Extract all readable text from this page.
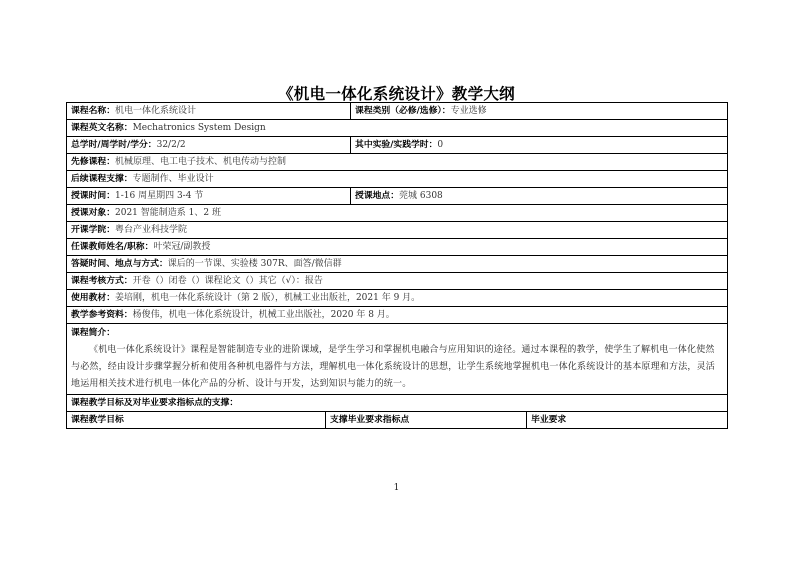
《机电一体化系统设计》教学大纲
课程名称：机电一体化系统设计		课程类别（必修/选修）：专业选修	
课程英文名称：Mechatronics System Design			
总学时/周学时/学分：32/2/2		其中实验/实践学时：0	
先修课程：机械原理、电工电子技术、机电传动与控制			
后续课程支撑：专题制作、毕业设计			
授课时间：1-16 周星期四 3-4 节		授课地点：莞城 6308	
授课对象：2021 智能制造系 1、2 班			
开课学院：粤台产业科技学院			
任课教师姓名/职称：叶荣冠/副教授			
答疑时间、地点与方式：课后的一节课、实验楼 307R、面答/微信群			
课程考核方式：开卷（）闭卷（）课程论文（）其它（√）：报告			
使用教材：姜培刚，机电一体化系统设计（第 2 版），机械工业出版社，2021 年 9 月。			
教学参考资料：杨俊伟，机电一体化系统设计，机械工业出版社，2020 年 8 月。			

课程简介：
《机电一体化系统设计》课程是智能制造专业的进阶课域，是学生学习和掌握机电融合与应用知识的途径。通过本课程的教学，使学生了解机电一体化使然与必然，经由设计步骤掌握分析和使用各种机电器件与方法，理解机电一体化系统设计的思想，让学生系统地掌握机电一体化系统设计的基本原理和方法，灵活地运用相关技术进行机电一体化产品的分析、设计与开发，达到知识与能力的统一。			

课程教学目标及对毕业要求指标点的支撑：			
课程教学目标	支撑毕业要求指标点		毕业要求
1
